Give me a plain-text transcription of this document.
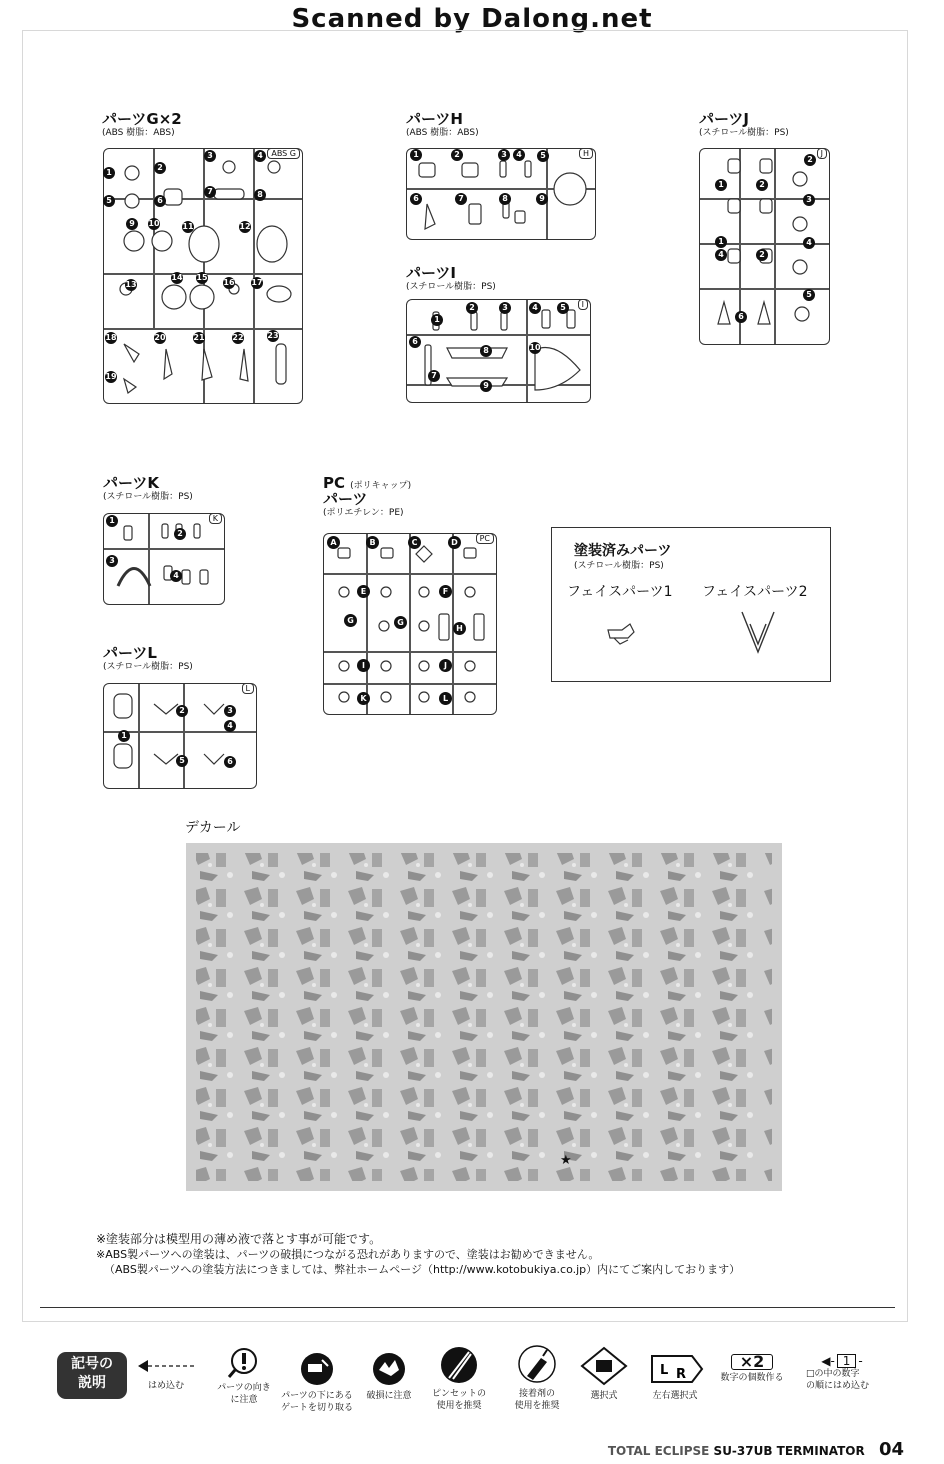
Scanned by Dalong.net
パーツG×2
(ABS 樹脂：ABS)
ABS G
1
2
3	4
5	6
7	8
9	10	11	12
13
14 15
16 17
18	20	21	22	23
19
パーツH
(ABS 樹脂：ABS)
H
1	2	3	4	5
6	7	8	9
パーツI
(スチロール樹脂：PS)
I
1
2	3	4	5
6
7
8
9
10
パーツJ
(スチロール樹脂：PS)
J
2
1	2
3
1	4
4	2
5
6
パーツK
(スチロール樹脂：PS)
K
1
2
3
4
パーツL
(スチロール樹脂：PS)
L
2	3
4
1
5	6
PC (ポリキャップ)
パーツ
(ポリエチレン：PE)
PC
A	B	C	D
E	F
G	G
H
I	J
K	L
塗装済みパーツ
(スチロール樹脂：PS)
フェイスパーツ1 フェイスパーツ2
デカール
★
※塗装部分は模型用の薄め液で落とす事が可能です。
※ABS製パーツへの塗装は、パーツの破損につながる恐れがありますので、塗装はお勧めできません。
（ABS製パーツへの塗装方法につきましては、弊社ホームページ（http://www.kotobukiya.co.jp）内にてご案内しております）
記号の
説明	はめ込む	パーツの向き
に注意	パーツの下にある
ゲートを切り取る
破損に注意	ピンセットの
使用を推奨
接着剤の
使用を推奨
選択式
L R
左右選択式
×2
数字の個数作る
◀‑ 1 -
□の中の数字
の順にはめ込む
TOTAL ECLIPSE SU-37UB TERMINATOR 04
